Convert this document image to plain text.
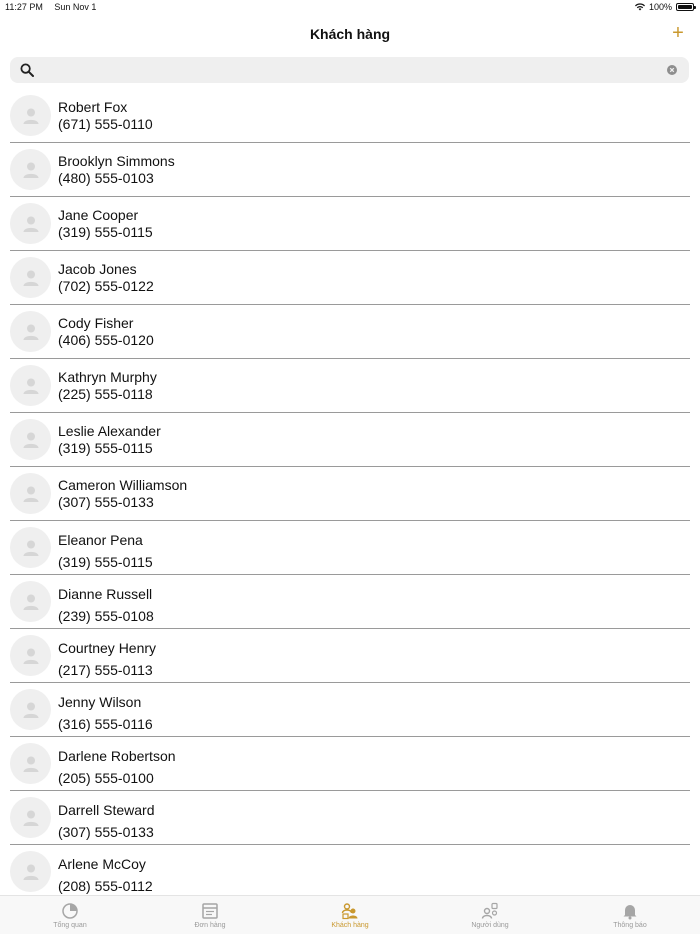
11:27 PM Sun Nov 1	100%
Khách hàng	+
Robert Fox
(671) 555-0110
Brooklyn Simmons
(480) 555-0103
Jane Cooper
(319) 555-0115
Jacob Jones
(702) 555-0122
Cody Fisher
(406) 555-0120
Kathryn Murphy
(225) 555-0118
Leslie Alexander
(319) 555-0115
Cameron Williamson
(307) 555-0133
Eleanor Pena
(319) 555-0115
Dianne Russell
(239) 555-0108
Courtney Henry
(217) 555-0113
Jenny Wilson
(316) 555-0116
Darlene Robertson
(205) 555-0100
Darrell Steward
(307) 555-0133
Arlene McCoy
(208) 555-0112
Tổng quan	Đơn hàng	Khách hàng	Người dùng	Thông báo
